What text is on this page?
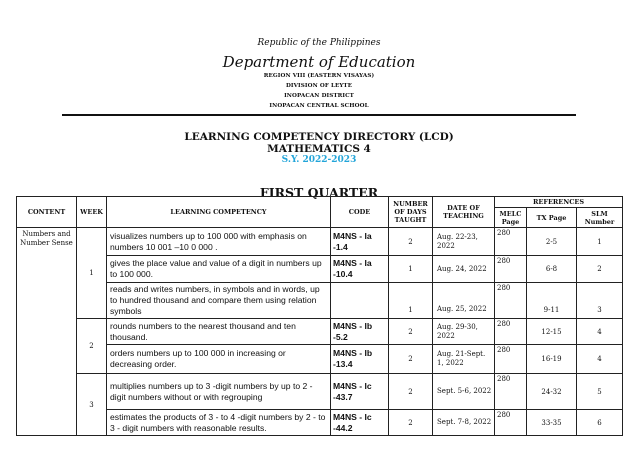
Republic of the Philippines
Department of Education
REGION VIII (EASTERN VISAYAS)
DIVISION OF LEYTE
INOPACAN DISTRICT
INOPACAN CENTRAL SCHOOL
LEARNING COMPETENCY DIRECTORY (LCD)
MATHEMATICS 4
S.Y. 2022-2023
FIRST QUARTER
CONTENT	WEEK	LEARNING COMPETENCY	CODE	NUMBER OF DAYS TAUGHT	DATE OF TEACHING	REFERENCES		
						MELC Page	TX Page	SLM Number
Numbers and Number Sense	1	visualizes numbers up to 100 000 with emphasis on numbers 10 001 –10 0 000 .	M4NS - Ia -1.4	2	Aug. 22-23, 2022	280	2-5	1
		gives the place value and value of a digit in numbers up to 100 000.	M4NS - Ia -10.4	1	Aug. 24, 2022	280	6-8	2
		reads and writes numbers, in symbols and in words, up to hundred thousand and compare them using relation symbols		1	Aug. 25, 2022	280	9-11	3
	2	rounds numbers to the nearest thousand and ten thousand.	M4NS - Ib -5.2	2	Aug. 29-30, 2022	280	12-15	4
		orders numbers up to 100 000 in increasing or decreasing order.	M4NS - Ib -13.4	2	Aug. 21-Sept. 1, 2022	280	16-19	4
	3	multiplies numbers up to 3 -digit numbers by up to 2 - digit numbers without or with regrouping	M4NS - Ic -43.7	2	Sept. 5-6, 2022	280	24-32	5
		estimates the products of 3 - to 4 -digit numbers by 2 - to 3 - digit numbers with reasonable results.	M4NS - Ic -44.2	2	Sept. 7-8, 2022	280	33-35	6
